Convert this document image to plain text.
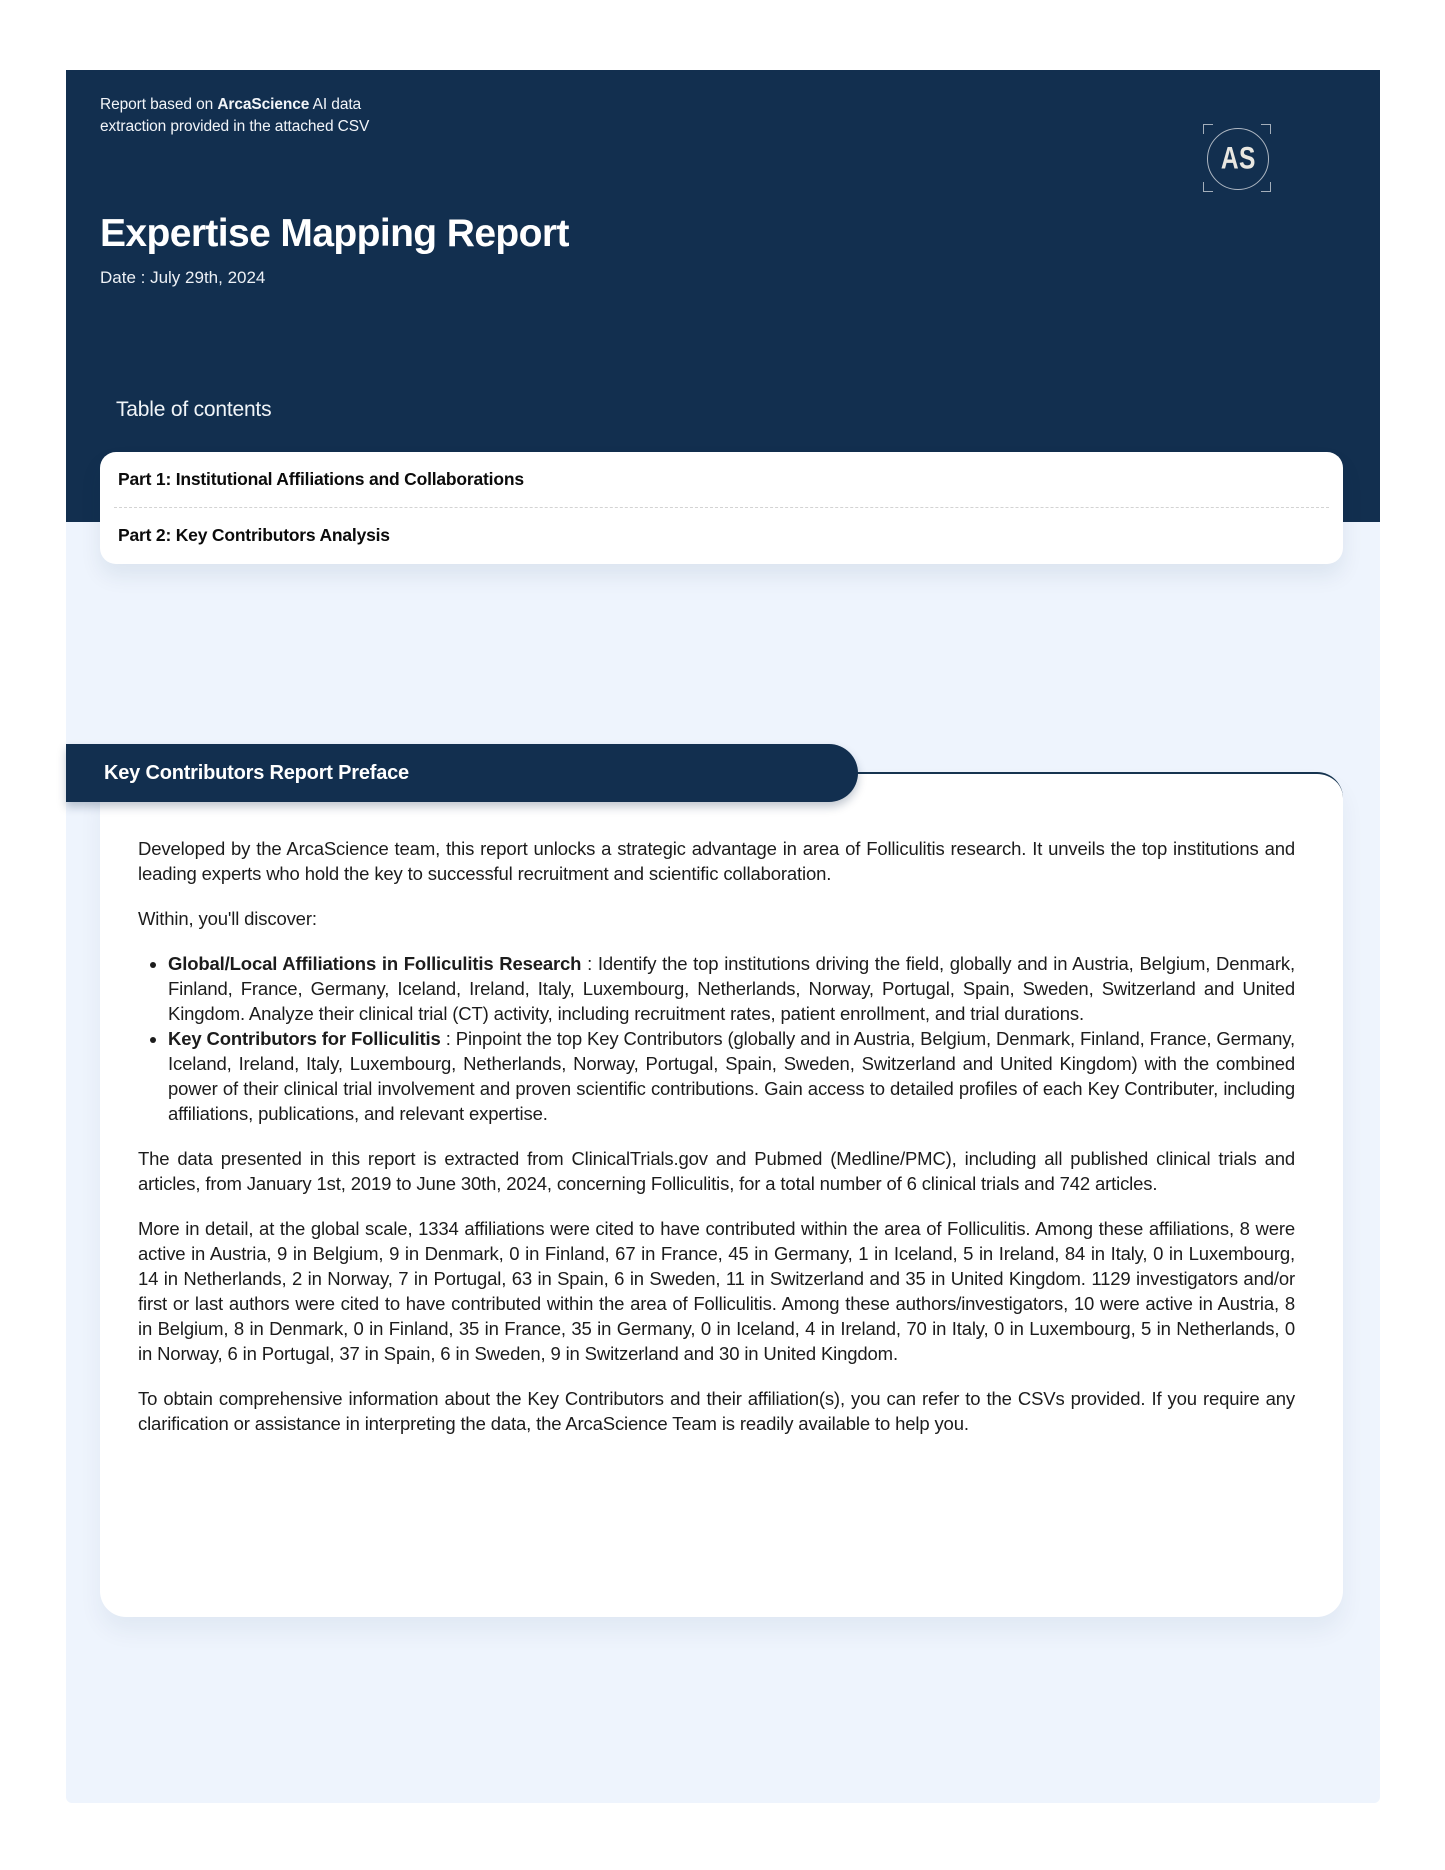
Report based on ArcaScience AI data extraction provided in the attached CSV

AS
Expertise Mapping Report

Date : July 29th, 2024

Table of contents
Part 1: Institutional Affiliations and Collaborations
Part 2: Key Contributors Analysis
Key Contributors Report Preface

Developed by the ArcaScience team, this report unlocks a strategic advantage in area of Folliculitis research. It unveils the top institutions and leading experts who hold the key to successful recruitment and scientific collaboration.

Within, you'll discover:

• Global/Local Affiliations in Folliculitis Research : Identify the top institutions driving the field, globally and in Austria, Belgium, Denmark, Finland, France, Germany, Iceland, Ireland, Italy, Luxembourg, Netherlands, Norway, Portugal, Spain, Sweden, Switzerland and United Kingdom. Analyze their clinical trial (CT) activity, including recruitment rates, patient enrollment, and trial durations.
• Key Contributors for Folliculitis : Pinpoint the top Key Contributors (globally and in Austria, Belgium, Denmark, Finland, France, Germany, Iceland, Ireland, Italy, Luxembourg, Netherlands, Norway, Portugal, Spain, Sweden, Switzerland and United Kingdom) with the combined power of their clinical trial involvement and proven scientific contributions. Gain access to detailed profiles of each Key Contributer, including affiliations, publications, and relevant expertise.

The data presented in this report is extracted from ClinicalTrials.gov and Pubmed (Medline/PMC), including all published clinical trials and articles, from January 1st, 2019 to June 30th, 2024, concerning Folliculitis, for a total number of 6 clinical trials and 742 articles.

More in detail, at the global scale, 1334 affiliations were cited to have contributed within the area of Folliculitis. Among these affiliations, 8 were active in Austria, 9 in Belgium, 9 in Denmark, 0 in Finland, 67 in France, 45 in Germany, 1 in Iceland, 5 in Ireland, 84 in Italy, 0 in Luxembourg, 14 in Netherlands, 2 in Norway, 7 in Portugal, 63 in Spain, 6 in Sweden, 11 in Switzerland and 35 in United Kingdom. 1129 investigators and/or first or last authors were cited to have contributed within the area of Folliculitis. Among these authors/investigators, 10 were active in Austria, 8 in Belgium, 8 in Denmark, 0 in Finland, 35 in France, 35 in Germany, 0 in Iceland, 4 in Ireland, 70 in Italy, 0 in Luxembourg, 5 in Netherlands, 0 in Norway, 6 in Portugal, 37 in Spain, 6 in Sweden, 9 in Switzerland and 30 in United Kingdom.

To obtain comprehensive information about the Key Contributors and their affiliation(s), you can refer to the CSVs provided. If you require any clarification or assistance in interpreting the data, the ArcaScience Team is readily available to help you.
